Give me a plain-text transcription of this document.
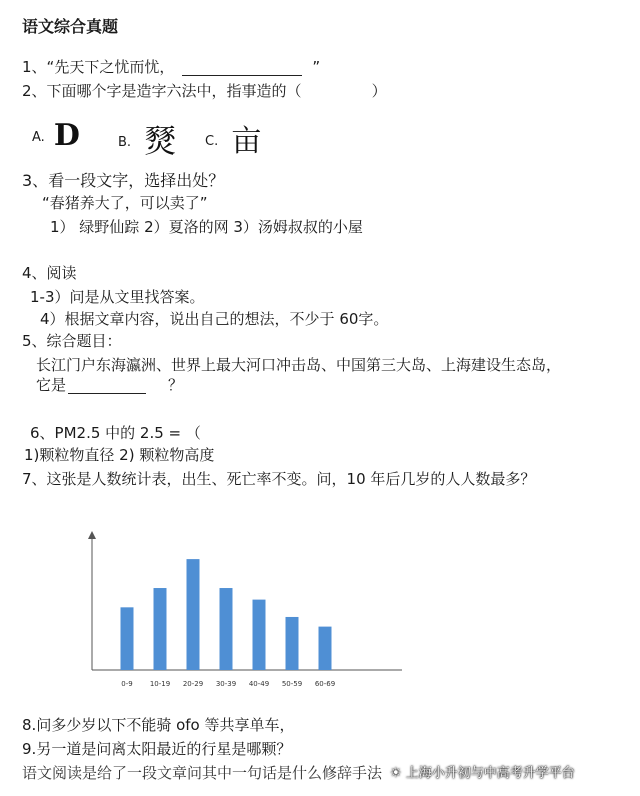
语文综合真题
1、“先天下之忧而忧，	”
2、下面哪个字是造字六法中，指事造的（	）
A. D	B. 燹 C. 亩
3、看一段文字，选择出处？
“春猪养大了，可以卖了”
1） 绿野仙踪 2）夏洛的网 3）汤姆叔叔的小屋
4、阅读
1-3）问是从文里找答案。
4）根据文章内容，说出自己的想法，不少于 60字。
5、综合题目：
长江门户东海瀛洲、世界上最大河口冲击岛、中国第三大岛、上海建设生态岛，
它是	？
6、PM2.5 中的 2.5 = （
1)颗粒物直径 2) 颗粒物高度
7、这张是人数统计表，出生、死亡率不变。问，10 年后几岁的人人数最多？
0-9 10-19 20-29 30-39 40-49 50-59 60-69
8.问多少岁以下不能骑 ofo 等共享单车，
9.另一道是问离太阳最近的行星是哪颗？
语文阅读是给了一段文章问其中一句话是什么修辞手法 ☀ 上海小升初与中高考升学平台
